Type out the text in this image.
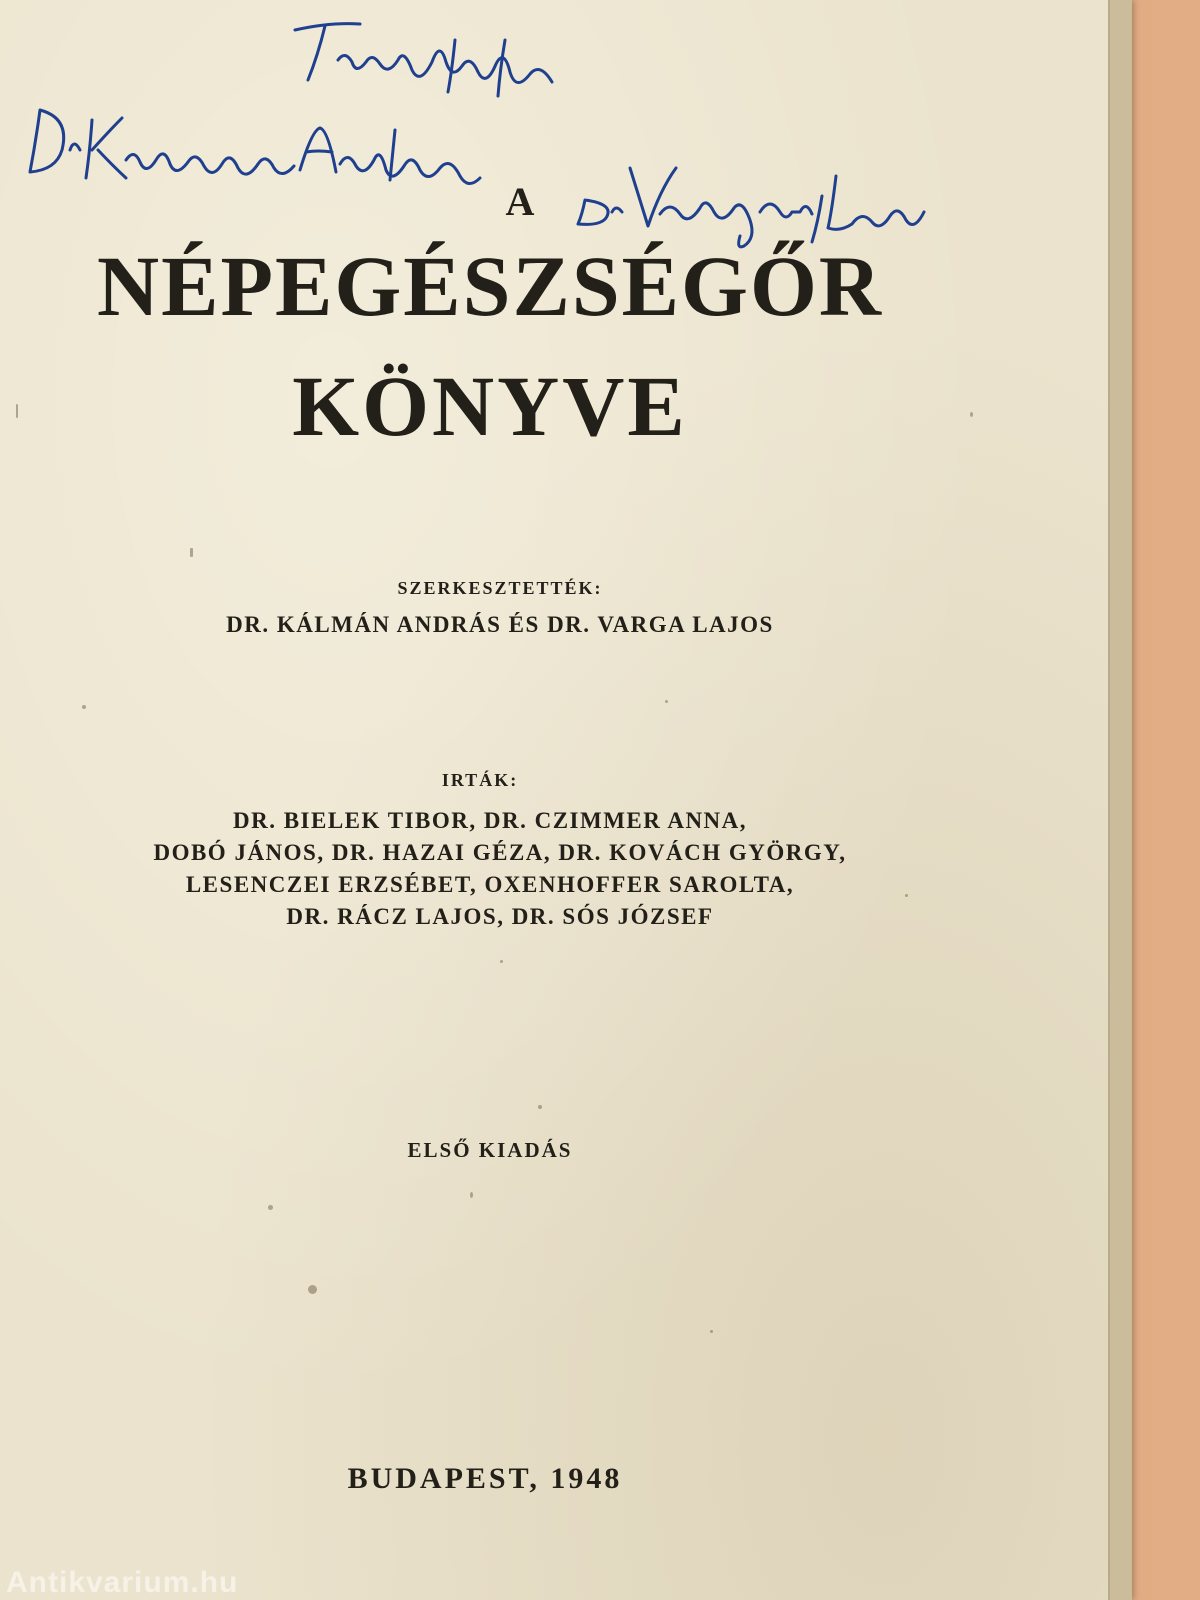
A
NÉPEGÉSZSÉGŐR
KÖNYVE
SZERKESZTETTÉK:
DR. KÁLMÁN ANDRÁS ÉS DR. VARGA LAJOS
IRTÁK:
DR. BIELEK TIBOR, DR. CZIMMER ANNA,
DOBÓ JÁNOS, DR. HAZAI GÉZA, DR. KOVÁCH GYÖRGY,
LESENCZEI ERZSÉBET, OXENHOFFER SAROLTA,
DR. RÁCZ LAJOS, DR. SÓS JÓZSEF
ELSŐ KIADÁS
BUDAPEST, 1948
Antikvarium.hu
